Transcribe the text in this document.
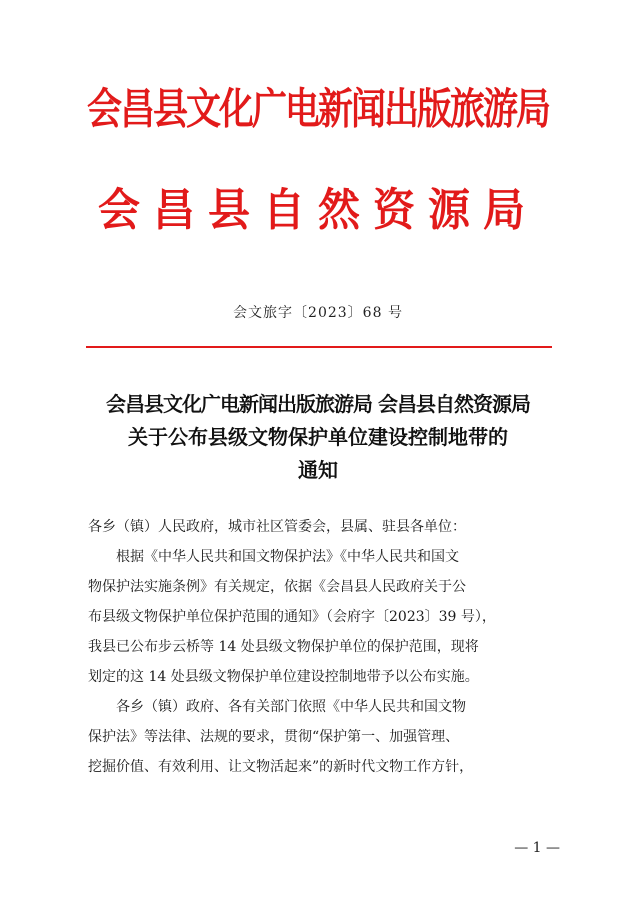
会昌县文化广电新闻出版旅游局
会昌县自然资源局
会文旅字〔2023〕68 号
会昌县文化广电新闻出版旅游局 会昌县自然资源局
关于公布县级文物保护单位建设控制地带的
通知
各乡（镇）人民政府，城市社区管委会，县属、驻县各单位：
根据《中华人民共和国文物保护法》《中华人民共和国文
物保护法实施条例》有关规定，依据《会昌县人民政府关于公
布县级文物保护单位保护范围的通知》（会府字〔2023〕39 号），
我县已公布步云桥等 14 处县级文物保护单位的保护范围，现将
划定的这 14 处县级文物保护单位建设控制地带予以公布实施。
各乡（镇）政府、各有关部门依照《中华人民共和国文物
保护法》等法律、法规的要求，贯彻“保护第一、加强管理、
挖掘价值、有效利用、让文物活起来”的新时代文物工作方针，
— 1 —
